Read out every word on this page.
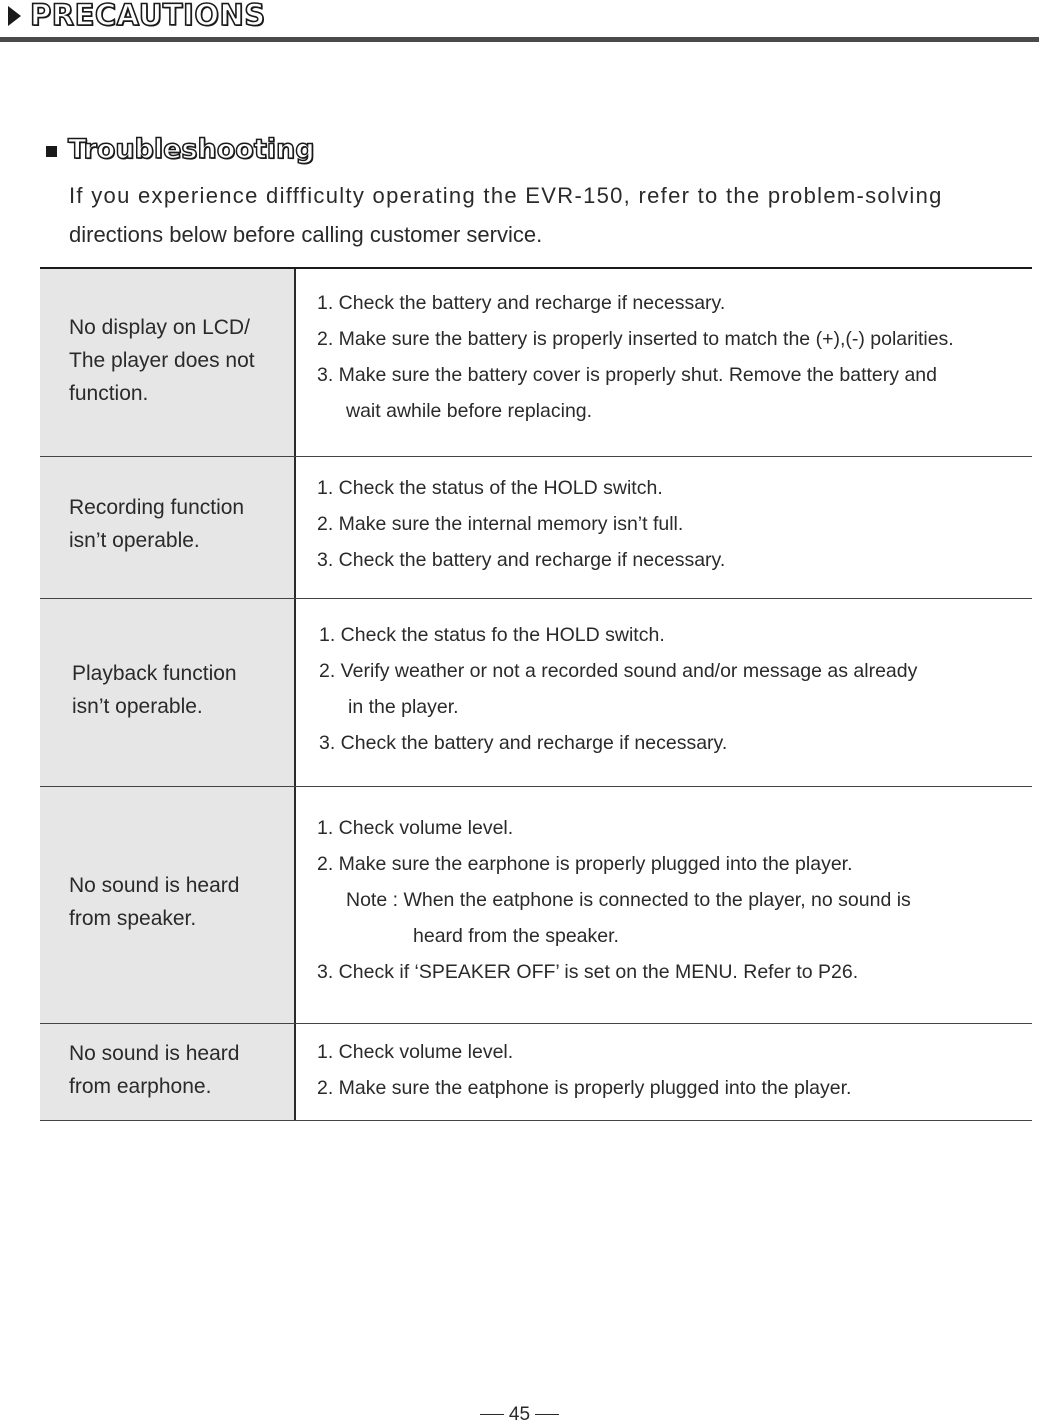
PRECAUTIONS
Troubleshooting
If you experience diffficulty operating the EVR-150, refer to the problem-solving
directions below before calling customer service.
No display on LCD/
The player does not
function.
1. Check the battery and recharge if necessary.
2. Make sure the battery is properly inserted to match the (+),(-) polarities.
3. Make sure the battery cover is properly shut. Remove the battery and
wait awhile before replacing.
Recording function
isn’t operable.
1. Check the status of the HOLD switch.
2. Make sure the internal memory isn’t full.
3. Check the battery and recharge if necessary.
Playback function
isn’t operable.
1. Check the status fo the HOLD switch.
2. Verify weather or not a recorded sound and/or message as already
in the player.
3. Check the battery and recharge if necessary.
No sound is heard
from speaker.
1. Check volume level.
2. Make sure the earphone is properly plugged into the player.
Note : When the eatphone is connected to the player, no sound is
heard from the speaker.
3. Check if ‘SPEAKER OFF’ is set on the MENU. Refer to P26.
No sound is heard
from earphone.
1. Check volume level.
2. Make sure the eatphone is properly plugged into the player.
45
